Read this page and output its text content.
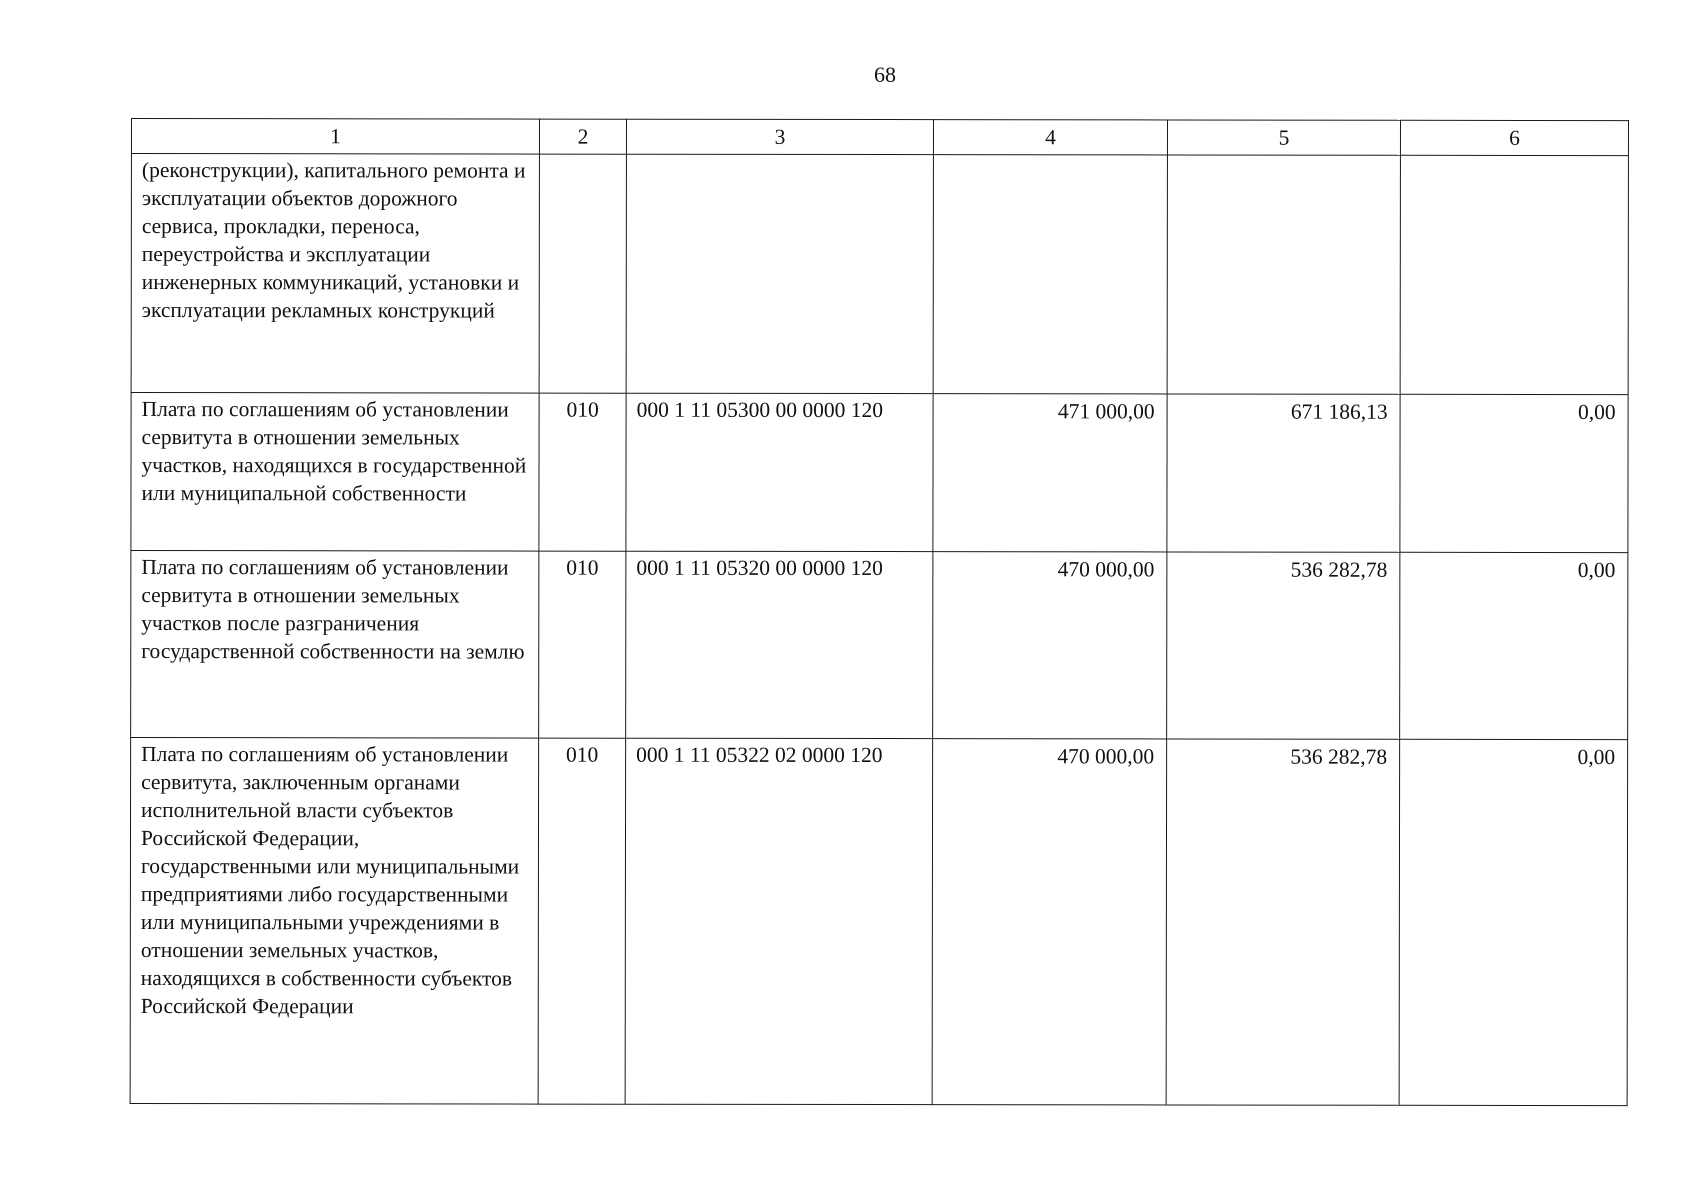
68
1	2	3	4	5	6
(реконструкции), капитального ремонта и эксплуатации объектов дорожного сервиса, прокладки, переноса, переустройства и эксплуатации инженерных коммуникаций, установки и эксплуатации рекламных конструкций					
Плата по соглашениям об установлении сервитута в отношении земельных участков, находящихся в государственной или муниципальной собственности	010	000 1 11 05300 00 0000 120	471 000,00	671 186,13	0,00
Плата по соглашениям об установлении сервитута в отношении земельных участков после разграничения государственной собственности на землю	010	000 1 11 05320 00 0000 120	470 000,00	536 282,78	0,00
Плата по соглашениям об установлении сервитута, заключенным органами исполнительной власти субъектов Российской Федерации, государственными или муниципальными предприятиями либо государственными или муниципальными учреждениями в отношении земельных участков, находящихся в собственности субъектов Российской Федерации	010	000 1 11 05322 02 0000 120	470 000,00	536 282,78	0,00
